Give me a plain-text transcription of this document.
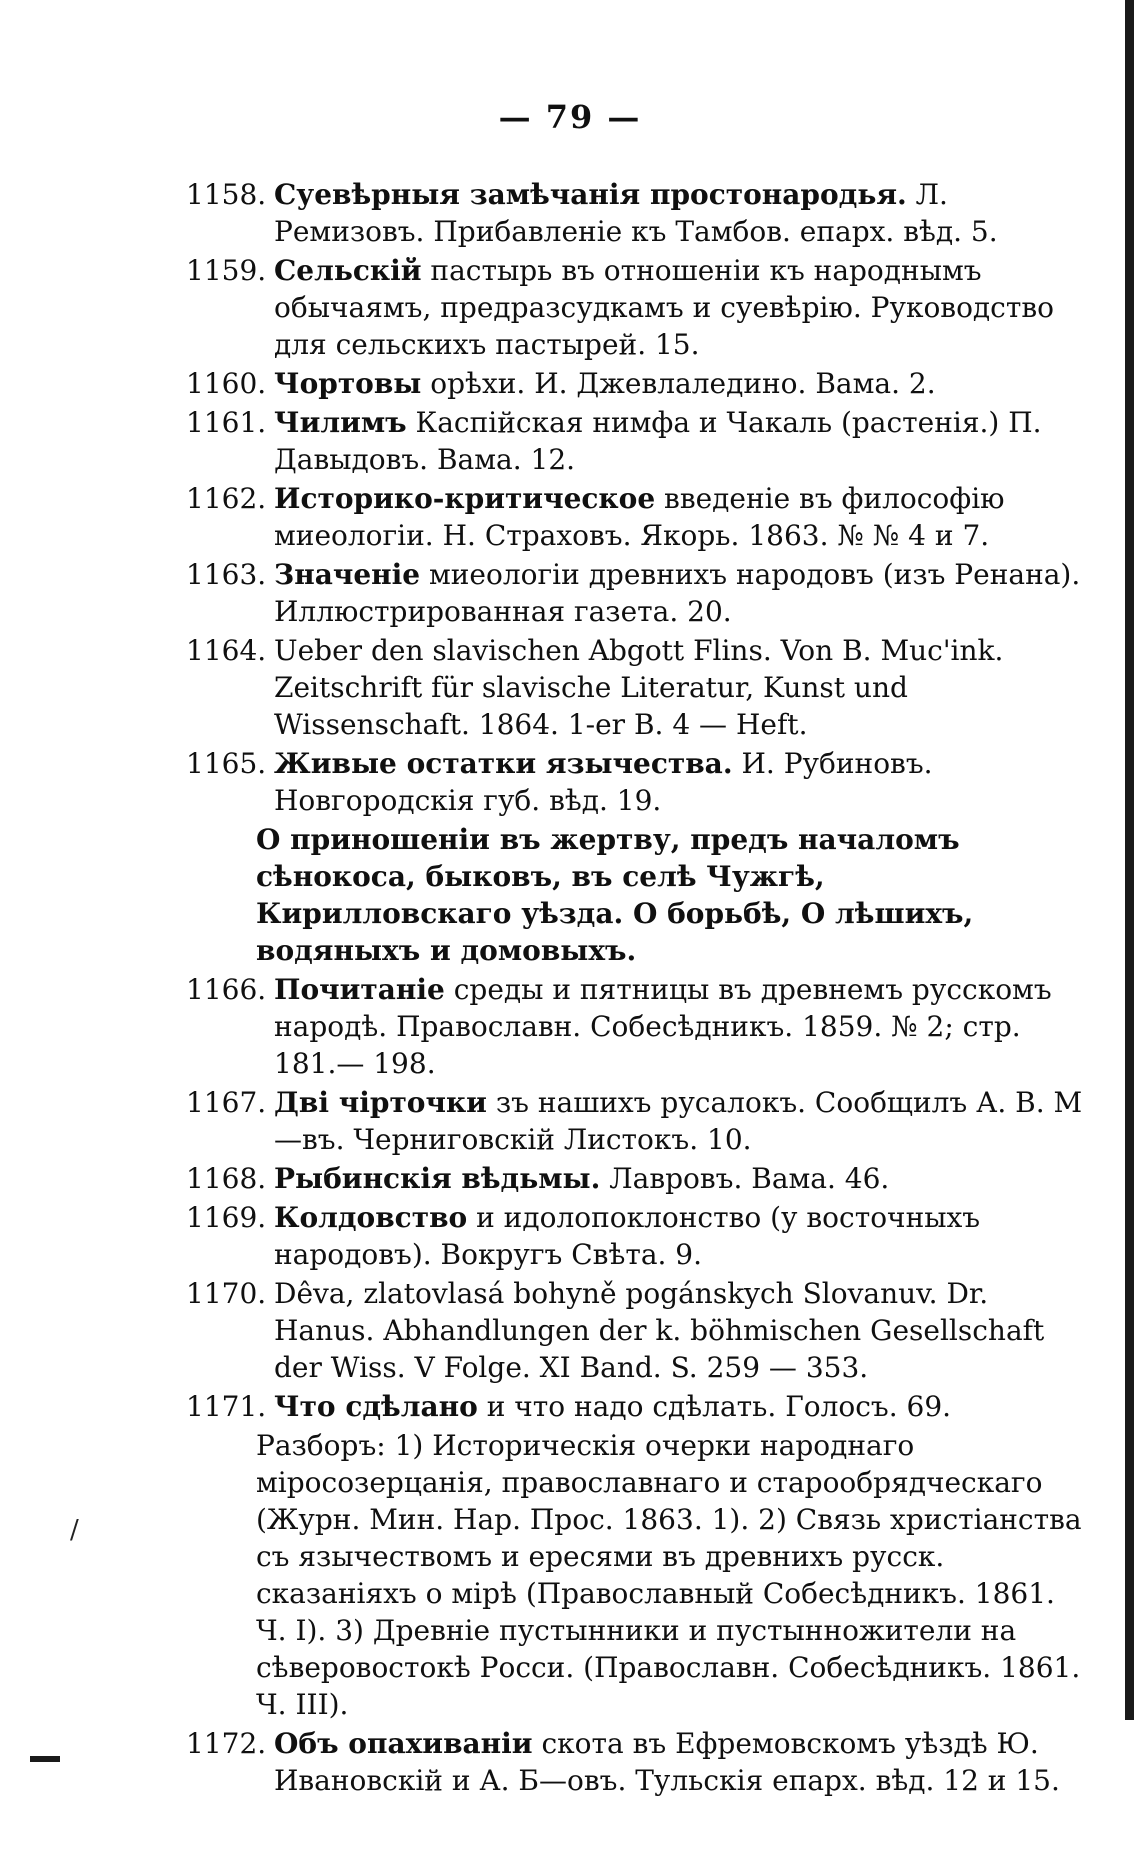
— 79 —
1158. Суевѣрныя замѣчанія простонародья. Л. Ремизовъ. Прибавленіе къ Тамбов. епарх. вѣд. 5.
1159. Сельскій пастырь въ отношеніи къ народнымъ обычаямъ, предразсудкамъ и суевѣрію. Руководство для сельскихъ пастырей. 15.
1160. Чортовы орѣхи. И. Джевлаледино. Вама. 2.
1161. Чилимъ Каспійская нимфа и Чакаль (растенія.) П. Давыдовъ. Вама. 12.
1162. Историко-критическое введеніе въ философію миеологіи. Н. Страховъ. Якорь. 1863. № № 4 и 7.
1163. Значеніе миеологіи древнихъ народовъ (изъ Ренана). Иллюстрированная газета. 20.
1164. Ueber den slavischen Abgott Flins. Von B. Muc'ink. Zeitschrift für slavische Literatur, Kunst und Wissenschaft. 1864. 1-er B. 4 — Heft.
1165. Живые остатки язычества. И. Рубиновъ. Новгородскія губ. вѣд. 19.
О приношеніи въ жертву, предъ началомъ сѣнокоса, быковъ, въ селѣ Чужгѣ, Кирилловскаго уѣзда. О борьбѣ, О лѣшихъ, водяныхъ и домовыхъ.
1166. Почитаніе среды и пятницы въ древнемъ русскомъ народѣ. Православн. Собесѣдникъ. 1859. № 2; стр. 181.— 198.
1167. Дві чірточки зъ нашихъ русалокъ. Сообщилъ А. В. М—въ. Черниговскій Листокъ. 10.
1168. Рыбинскія вѣдьмы. Лавровъ. Вама. 46.
1169. Колдовство и идолопоклонство (у восточныхъ народовъ). Вокругъ Свѣта. 9.
1170. Dêva, zlatovlasá bohyně pogánskych Slovanuv. Dr. Hanus. Abhandlungen der k. böhmischen Gesellschaft der Wiss. V Folge. XI Band. S. 259 — 353.
1171. Что сдѣлано и что надо сдѣлать. Голосъ. 69.
Разборъ: 1) Историческія очерки народнаго міросозерцанія, православнаго и старообрядческаго (Журн. Мин. Нар. Прос. 1863. 1). 2) Связь христіанства съ язычествомъ и ересями въ древнихъ русск. сказаніяхъ о мірѣ (Православный Собесѣдникъ. 1861. Ч. I). 3) Древніе пустынники и пустынножители на сѣверовостокѣ Росси. (Православн. Собесѣдникъ. 1861. Ч. III).
1172. Объ опахиваніи скота въ Ефремовскомъ уѣздѣ Ю. Ивановскій и А. Б—овъ. Тульскія епарх. вѣд. 12 и 15.
/
